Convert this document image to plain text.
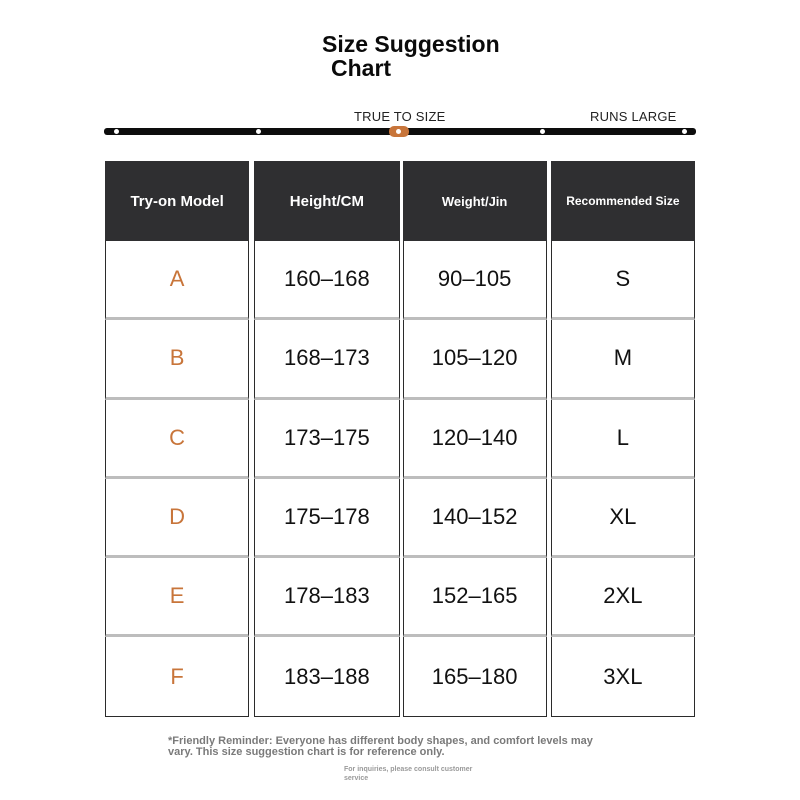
Size Suggestion
Chart
TRUE TO SIZE	RUNS LARGE
Try-on Model	Height/CM	Weight/Jin	Recommended Size
A	160–168	90–105	S
B	168–173	105–120	M
C	173–175	120–140	L
D	175–178	140–152	XL
E	178–183	152–165	2XL
F	183–188	165–180	3XL
*Friendly Reminder: Everyone has different body shapes, and comfort levels may vary. This size suggestion chart is for reference only.
For inquiries, please consult customer service
